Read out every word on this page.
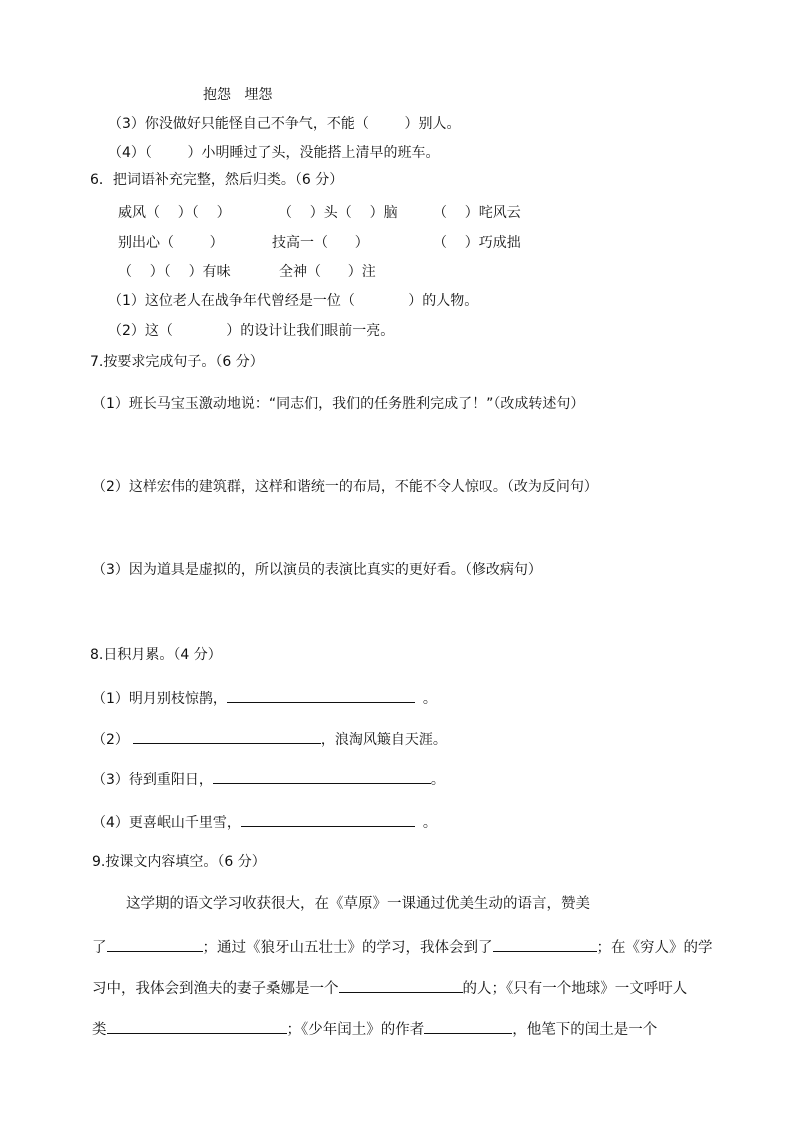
抱怨   埋怨
（3）你没做好只能怪自己不争气，不能（        ）别人。
（4）（        ）小明睡过了头，没能搭上清早的班车。
6．把词语补充完整，然后归类。（6 分）
威风（    ）（    ）	（    ）头（    ）脑	（    ）咤风云
别出心（        ）	技高一（      ）	（    ）巧成拙
（    ）（    ）有味	全神（      ）注
（1）这位老人在战争年代曾经是一位（            ）的人物。
（2）这（            ）的设计让我们眼前一亮。
7.按要求完成句子。（6 分）
（1）班长马宝玉激动地说：“同志们，我们的任务胜利完成了！”（改成转述句）
（2）这样宏伟的建筑群，这样和谐统一的布局，不能不令人惊叹。（改为反问句）
（3）因为道具是虚拟的，所以演员的表演比真实的更好看。（修改病句）
8.日积月累。（4 分）
（1）明月别枝惊鹊，	。
（2）	，浪淘风簸自天涯。
（3）待到重阳日，	。
（4）更喜岷山千里雪，	。
9.按课文内容填空。（6 分）
这学期的语文学习收获很大，在《草原》一课通过优美生动的语言，赞美
了	；通过《狼牙山五壮士》的学习，我体会到了	；在《穷人》的学
习中，我体会到渔夫的妻子桑娜是一个	的人；《只有一个地球》一文呼吁人
类	；《少年闰土》的作者	，他笔下的闰土是一个
